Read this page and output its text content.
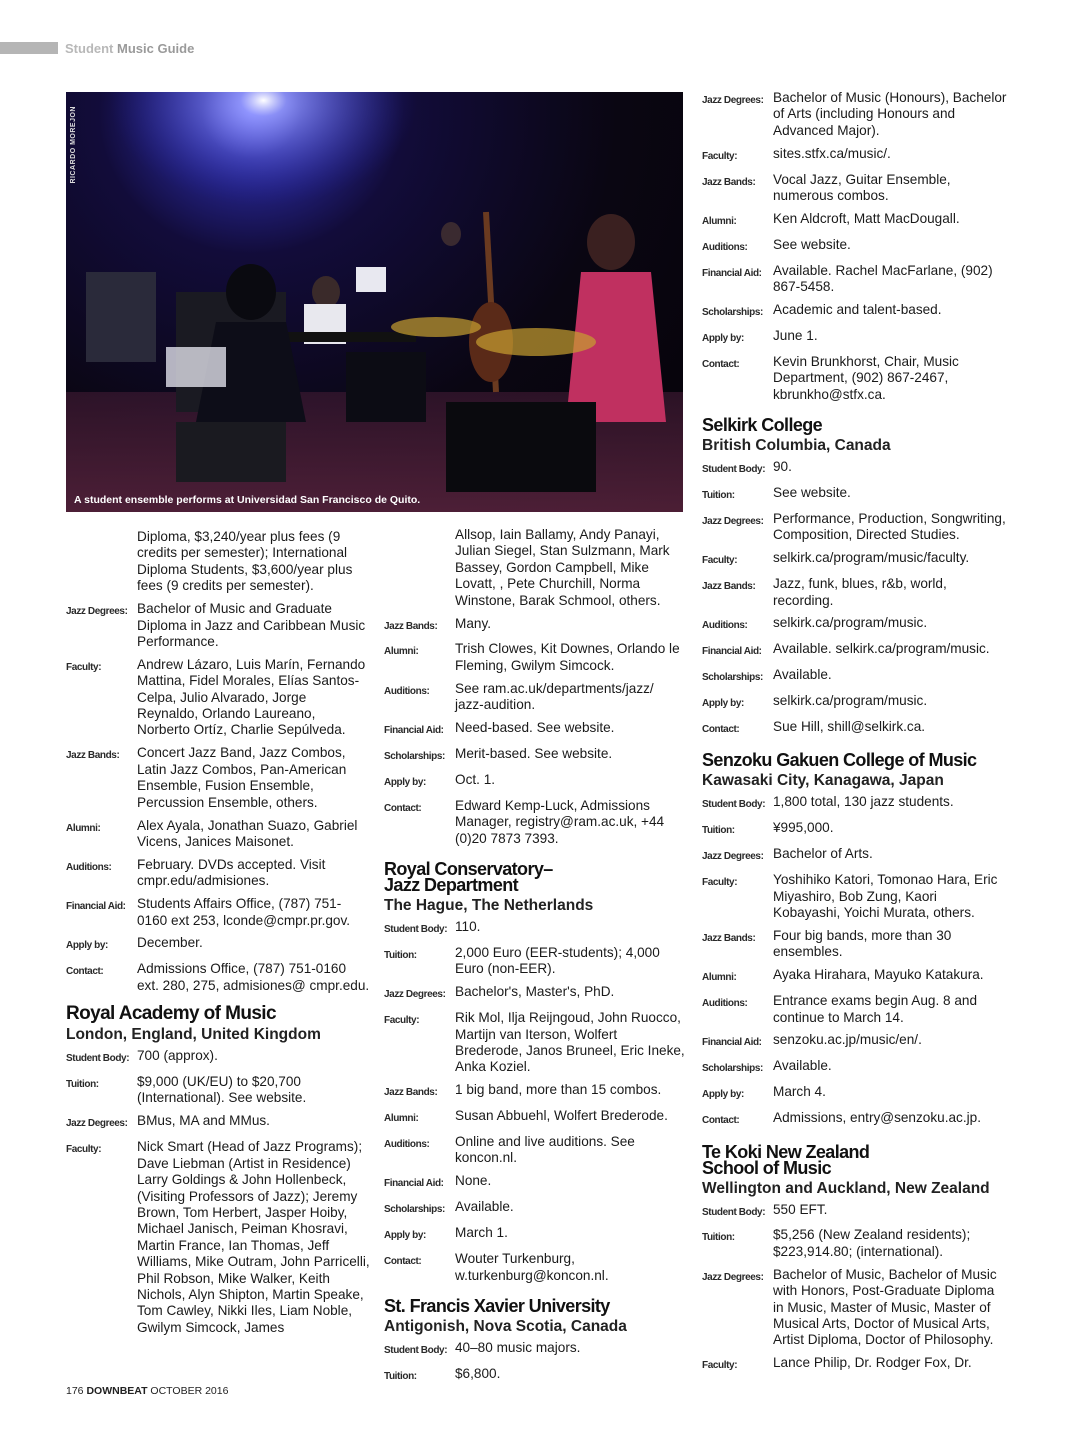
Student Music Guide
RICARDO MOREJON
A student ensemble performs at Universidad San Francisco de Quito.
Diploma, $3,240/year plus fees (9 credits per semester); International Diploma Students, $3,600/year plus fees (9 credits per semester).
Jazz Degrees: Bachelor of Music and Graduate Diploma in Jazz and Caribbean Music Performance.
Faculty:	Andrew Lázaro, Luis Marín, Fernando Mattina, Fidel Morales, Elías Santos-Celpa, Julio Alvarado, Jorge Reynaldo, Orlando Laureano, Norberto Ortíz, Charlie Sepúlveda.
Jazz Bands:	Concert Jazz Band, Jazz Combos, Latin Jazz Combos, Pan-American Ensemble, Fusion Ensemble, Percussion Ensemble, others.
Alumni:	Alex Ayala, Jonathan Suazo, Gabriel Vicens, Janices Maisonet.
Auditions:	February. DVDs accepted. Visit cmpr.edu/admisiones.
Financial Aid: Students Affairs Office, (787) 751-0160 ext 253, lconde@cmpr.pr.gov.
Apply by:	December.
Contact:	Admissions Office, (787) 751-0160 ext. 280, 275, admisiones@ cmpr.edu.
Royal Academy of Music
London, England, United Kingdom
Student Body: 700 (approx).
Tuition:	$9,000 (UK/EU) to $20,700 (International). See website.
Jazz Degrees: BMus, MA and MMus.
Faculty:	Nick Smart (Head of Jazz Programs); Dave Liebman (Artist in Residence) Larry Goldings & John Hollenbeck, (Visiting Professors of Jazz); Jeremy Brown, Tom Herbert, Jasper Hoiby, Michael Janisch, Peiman Khosravi, Martin France, Ian Thomas, Jeff Williams, Mike Outram, John Parricelli, Phil Robson, Mike Walker, Keith Nichols, Alyn Shipton, Martin Speake, Tom Cawley, Nikki Iles, Liam Noble, Gwilym Simcock, James
Allsop, Iain Ballamy, Andy Panayi, Julian Siegel, Stan Sulzmann, Mark Bassey, Gordon Campbell, Mike Lovatt, , Pete Churchill, Norma Winstone, Barak Schmool, others.
Jazz Bands:	Many.
Alumni:	Trish Clowes, Kit Downes, Orlando le Fleming, Gwilym Simcock.
Auditions:	See ram.ac.uk/departments/jazz/ jazz-audition.
Financial Aid: Need-based. See website.
Scholarships: Merit-based. See website.
Apply by:	Oct. 1.
Contact:	Edward Kemp-Luck, Admissions Manager, registry@ram.ac.uk, +44 (0)20 7873 7393.
Royal Conservatory–
Jazz Department
The Hague, The Netherlands
Student Body: 110.
Tuition:	2,000 Euro (EER-students); 4,000 Euro (non-EER).
Jazz Degrees: Bachelor's, Master's, PhD.
Faculty:	Rik Mol, Ilja Reijngoud, John Ruocco, Martijn van Iterson, Wolfert Brederode, Janos Bruneel, Eric Ineke, Anka Koziel.
Jazz Bands:	1 big band, more than 15 combos.
Alumni:	Susan Abbuehl, Wolfert Brederode.
Auditions:	Online and live auditions. See koncon.nl.
Financial Aid: None.
Scholarships: Available.
Apply by:	March 1.
Contact:	Wouter Turkenburg, w.turkenburg@koncon.nl.
St. Francis Xavier University
Antigonish, Nova Scotia, Canada
Student Body: 40–80 music majors.
Tuition:	$6,800.
Jazz Degrees: Bachelor of Music (Honours), Bachelor of Arts (including Honours and Advanced Major).
Faculty:	sites.stfx.ca/music/.
Jazz Bands:	Vocal Jazz, Guitar Ensemble, numerous combos.
Alumni:	Ken Aldcroft, Matt MacDougall.
Auditions:	See website.
Financial Aid: Available. Rachel MacFarlane, (902) 867-5458.
Scholarships: Academic and talent-based.
Apply by:	June 1.
Contact:	Kevin Brunkhorst, Chair, Music Department, (902) 867-2467, kbrunkho@stfx.ca.
Selkirk College
British Columbia, Canada
Student Body: 90.
Tuition:	See website.
Jazz Degrees: Performance, Production, Songwriting, Composition, Directed Studies.
Faculty:	selkirk.ca/program/music/faculty.
Jazz Bands:	Jazz, funk, blues, r&b, world, recording.
Auditions:	selkirk.ca/program/music.
Financial Aid: Available. selkirk.ca/program/music.
Scholarships: Available.
Apply by:	selkirk.ca/program/music.
Contact:	Sue Hill, shill@selkirk.ca.
Senzoku Gakuen College of Music
Kawasaki City, Kanagawa, Japan
Student Body: 1,800 total, 130 jazz students.
Tuition:	¥995,000.
Jazz Degrees: Bachelor of Arts.
Faculty:	Yoshihiko Katori, Tomonao Hara, Eric Miyashiro, Bob Zung, Kaori Kobayashi, Yoichi Murata, others.
Jazz Bands:	Four big bands, more than 30 ensembles.
Alumni:	Ayaka Hirahara, Mayuko Katakura.
Auditions:	Entrance exams begin Aug. 8 and continue to March 14.
Financial Aid: senzoku.ac.jp/music/en/.
Scholarships: Available.
Apply by:	March 4.
Contact:	Admissions, entry@senzoku.ac.jp.
Te Koki New Zealand
School of Music
Wellington and Auckland, New Zealand
Student Body: 550 EFT.
Tuition:	$5,256 (New Zealand residents); $223,914.80; (international).
Jazz Degrees: Bachelor of Music, Bachelor of Music with Honors, Post-Graduate Diploma in Music, Master of Music, Master of Musical Arts, Doctor of Musical Arts, Artist Diploma, Doctor of Philosophy.
Faculty:	Lance Philip, Dr. Rodger Fox, Dr.
176 DOWNBEAT OCTOBER 2016
